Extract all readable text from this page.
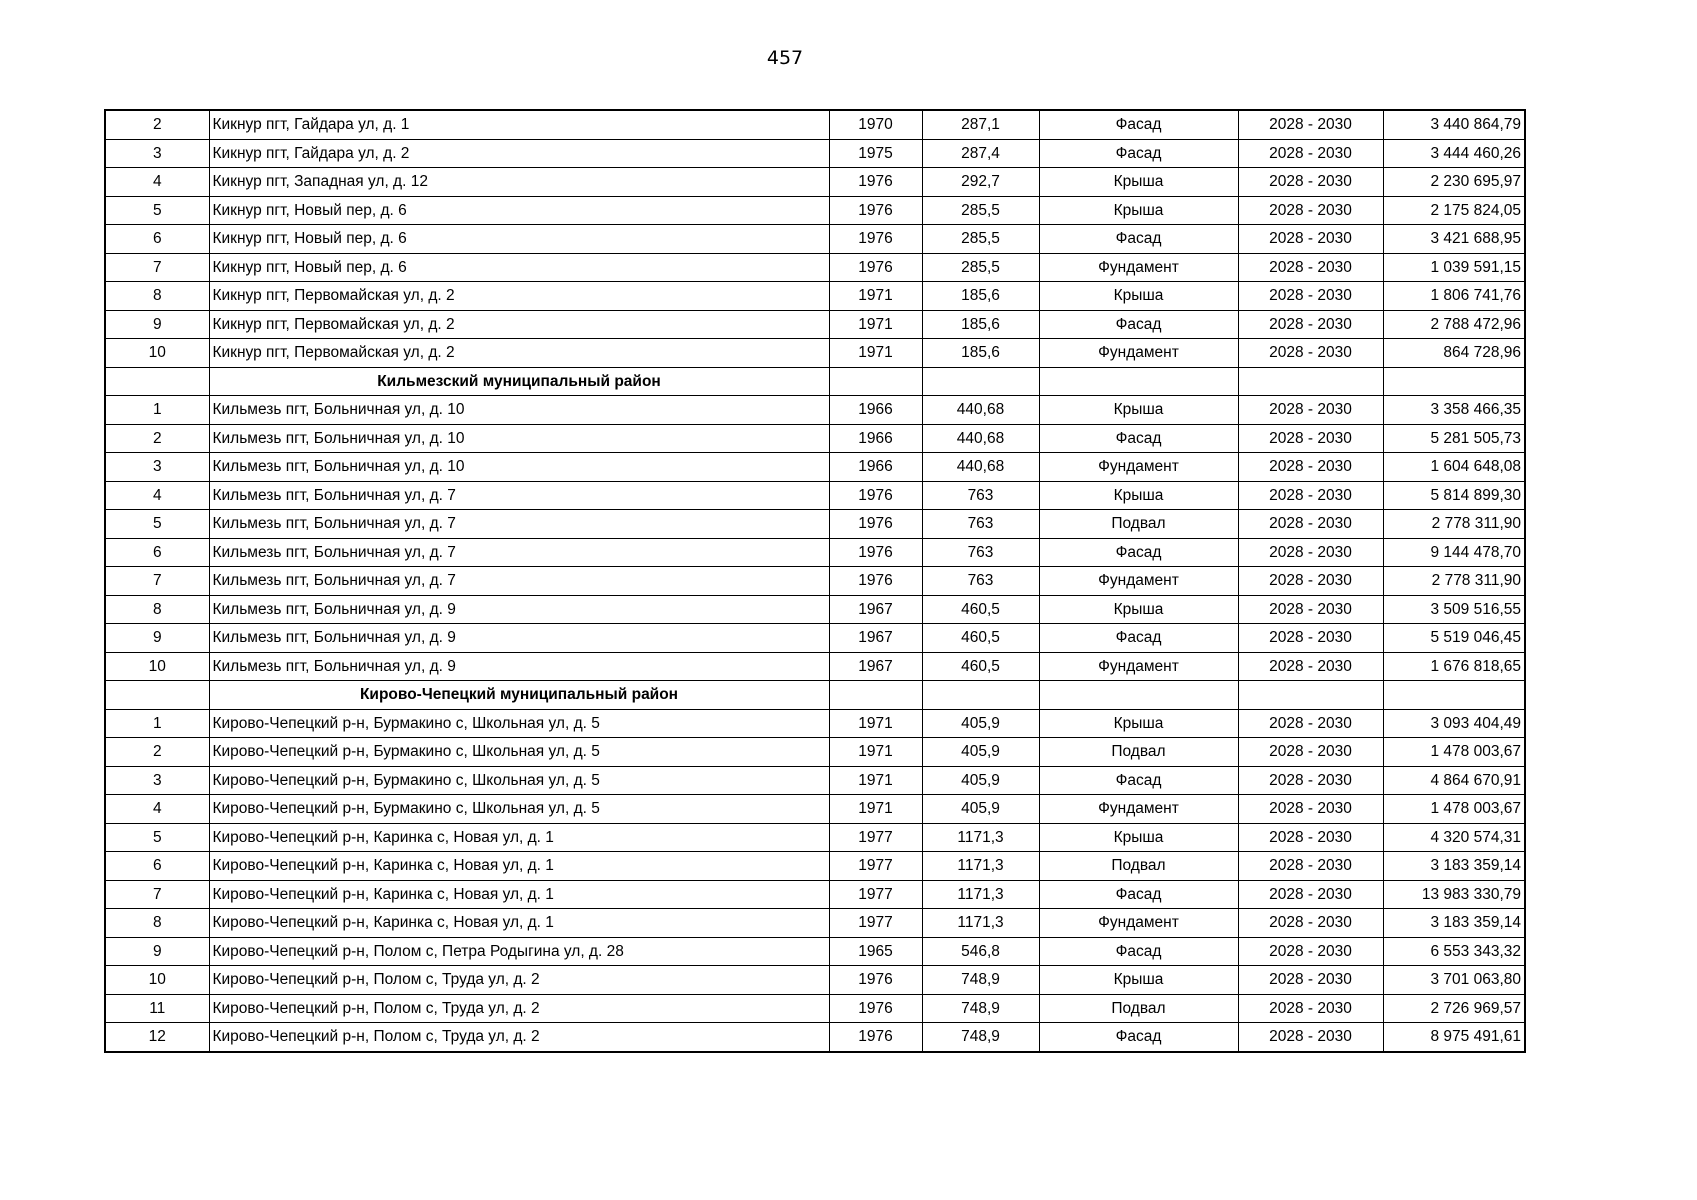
457
2	Кикнур пгт, Гайдара ул, д. 1	1970	287,1	Фасад	2028 - 2030	3 440 864,79
3	Кикнур пгт, Гайдара ул, д. 2	1975	287,4	Фасад	2028 - 2030	3 444 460,26
4	Кикнур пгт, Западная ул, д. 12	1976	292,7	Крыша	2028 - 2030	2 230 695,97
5	Кикнур пгт, Новый пер, д. 6	1976	285,5	Крыша	2028 - 2030	2 175 824,05
6	Кикнур пгт, Новый пер, д. 6	1976	285,5	Фасад	2028 - 2030	3 421 688,95
7	Кикнур пгт, Новый пер, д. 6	1976	285,5	Фундамент	2028 - 2030	1 039 591,15
8	Кикнур пгт, Первомайская ул, д. 2	1971	185,6	Крыша	2028 - 2030	1 806 741,76
9	Кикнур пгт, Первомайская ул, д. 2	1971	185,6	Фасад	2028 - 2030	2 788 472,96
10	Кикнур пгт, Первомайская ул, д. 2	1971	185,6	Фундамент	2028 - 2030	864 728,96
	Кильмезский муниципальный район					
1	Кильмезь пгт, Больничная ул, д. 10	1966	440,68	Крыша	2028 - 2030	3 358 466,35
2	Кильмезь пгт, Больничная ул, д. 10	1966	440,68	Фасад	2028 - 2030	5 281 505,73
3	Кильмезь пгт, Больничная ул, д. 10	1966	440,68	Фундамент	2028 - 2030	1 604 648,08
4	Кильмезь пгт, Больничная ул, д. 7	1976	763	Крыша	2028 - 2030	5 814 899,30
5	Кильмезь пгт, Больничная ул, д. 7	1976	763	Подвал	2028 - 2030	2 778 311,90
6	Кильмезь пгт, Больничная ул, д. 7	1976	763	Фасад	2028 - 2030	9 144 478,70
7	Кильмезь пгт, Больничная ул, д. 7	1976	763	Фундамент	2028 - 2030	2 778 311,90
8	Кильмезь пгт, Больничная ул, д. 9	1967	460,5	Крыша	2028 - 2030	3 509 516,55
9	Кильмезь пгт, Больничная ул, д. 9	1967	460,5	Фасад	2028 - 2030	5 519 046,45
10	Кильмезь пгт, Больничная ул, д. 9	1967	460,5	Фундамент	2028 - 2030	1 676 818,65
	Кирово-Чепецкий муниципальный район					
1	Кирово-Чепецкий р-н, Бурмакино с, Школьная ул, д. 5	1971	405,9	Крыша	2028 - 2030	3 093 404,49
2	Кирово-Чепецкий р-н, Бурмакино с, Школьная ул, д. 5	1971	405,9	Подвал	2028 - 2030	1 478 003,67
3	Кирово-Чепецкий р-н, Бурмакино с, Школьная ул, д. 5	1971	405,9	Фасад	2028 - 2030	4 864 670,91
4	Кирово-Чепецкий р-н, Бурмакино с, Школьная ул, д. 5	1971	405,9	Фундамент	2028 - 2030	1 478 003,67
5	Кирово-Чепецкий р-н, Каринка с, Новая ул, д. 1	1977	1171,3	Крыша	2028 - 2030	4 320 574,31
6	Кирово-Чепецкий р-н, Каринка с, Новая ул, д. 1	1977	1171,3	Подвал	2028 - 2030	3 183 359,14
7	Кирово-Чепецкий р-н, Каринка с, Новая ул, д. 1	1977	1171,3	Фасад	2028 - 2030	13 983 330,79
8	Кирово-Чепецкий р-н, Каринка с, Новая ул, д. 1	1977	1171,3	Фундамент	2028 - 2030	3 183 359,14
9	Кирово-Чепецкий р-н, Полом с, Петра Родыгина ул, д. 28	1965	546,8	Фасад	2028 - 2030	6 553 343,32
10	Кирово-Чепецкий р-н, Полом с, Труда ул, д. 2	1976	748,9	Крыша	2028 - 2030	3 701 063,80
11	Кирово-Чепецкий р-н, Полом с, Труда ул, д. 2	1976	748,9	Подвал	2028 - 2030	2 726 969,57
12	Кирово-Чепецкий р-н, Полом с, Труда ул, д. 2	1976	748,9	Фасад	2028 - 2030	8 975 491,61
